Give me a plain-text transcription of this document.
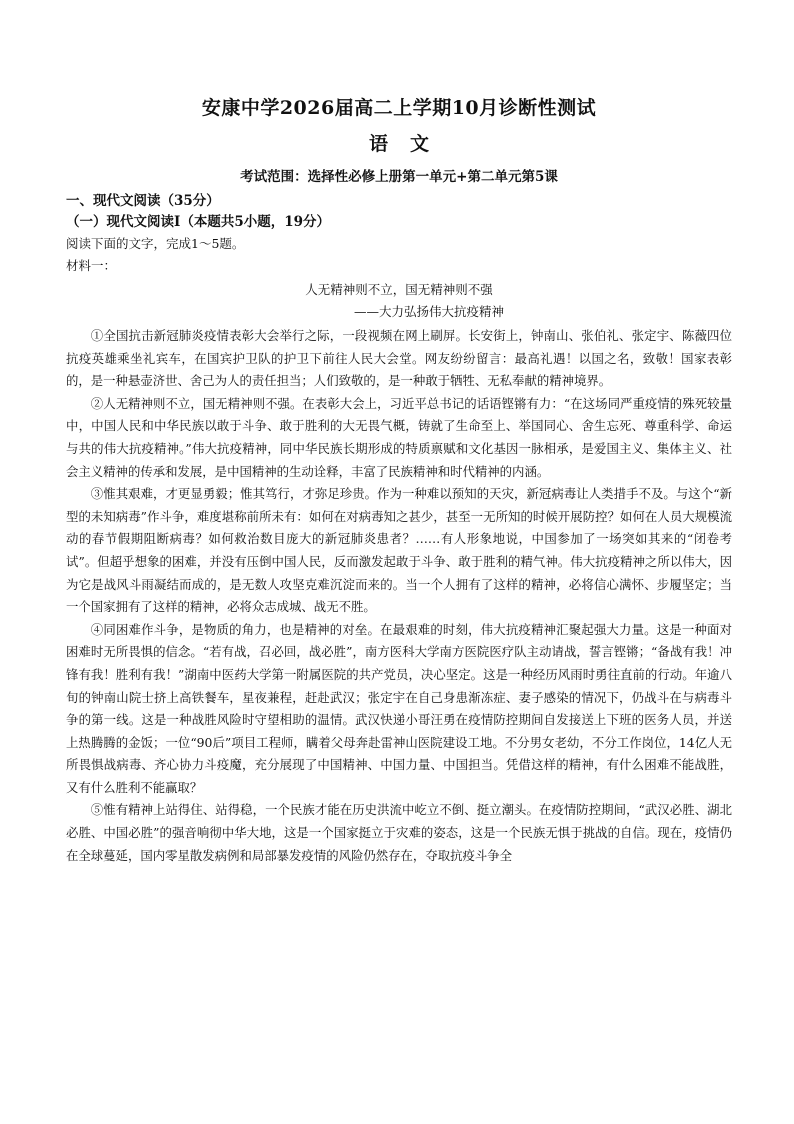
安康中学2026届高二上学期10月诊断性测试
语文
考试范围：选择性必修上册第一单元+第二单元第5课
一、现代文阅读（35分）
（一）现代文阅读Ⅰ（本题共5小题，19分）
阅读下面的文字，完成1～5题。
材料一：
人无精神则不立，国无精神则不强
——大力弘扬伟大抗疫精神

①全国抗击新冠肺炎疫情表彰大会举行之际，一段视频在网上刷屏。长安街上，钟南山、张伯礼、张定宇、陈薇四位抗疫英雄乘坐礼宾车，在国宾护卫队的护卫下前往人民大会堂。网友纷纷留言：最高礼遇！以国之名，致敬！国家表彰的，是一种悬壶济世、舍己为人的责任担当；人们致敬的，是一种敢于牺牲、无私奉献的精神境界。

②人无精神则不立，国无精神则不强。在表彰大会上，习近平总书记的话语铿锵有力：“在这场同严重疫情的殊死较量中，中国人民和中华民族以敢于斗争、敢于胜利的大无畏气概，铸就了生命至上、举国同心、舍生忘死、尊重科学、命运与共的伟大抗疫精神。”伟大抗疫精神，同中华民族长期形成的特质禀赋和文化基因一脉相承，是爱国主义、集体主义、社会主义精神的传承和发展，是中国精神的生动诠释，丰富了民族精神和时代精神的内涵。

③惟其艰难，才更显勇毅；惟其笃行，才弥足珍贵。作为一种难以预知的天灾，新冠病毒让人类措手不及。与这个“新型的未知病毒”作斗争，难度堪称前所未有：如何在对病毒知之甚少，甚至一无所知的时候开展防控？如何在人员大规模流动的春节假期阻断病毒？如何救治数目庞大的新冠肺炎患者？……有人形象地说，中国参加了一场突如其来的“闭卷考试”。但超乎想象的困难，并没有压倒中国人民，反而激发起敢于斗争、敢于胜利的精气神。伟大抗疫精神之所以伟大，因为它是战风斗雨凝结而成的，是无数人攻坚克难沉淀而来的。当一个人拥有了这样的精神，必将信心满怀、步履坚定；当一个国家拥有了这样的精神，必将众志成城、战无不胜。

④同困难作斗争，是物质的角力，也是精神的对垒。在最艰难的时刻，伟大抗疫精神汇聚起强大力量。这是一种面对困难时无所畏惧的信念。“若有战，召必回，战必胜”，南方医科大学南方医院医疗队主动请战，誓言铿锵；“备战有我！冲锋有我！胜利有我！”湖南中医药大学第一附属医院的共产党员，决心坚定。这是一种经历风雨时勇往直前的行动。年逾八旬的钟南山院士挤上高铁餐车，星夜兼程，赶赴武汉；张定宇在自己身患渐冻症、妻子感染的情况下，仍战斗在与病毒斗争的第一线。这是一种战胜风险时守望相助的温情。武汉快递小哥汪勇在疫情防控期间自发接送上下班的医务人员，并送上热腾腾的金饭；一位“90后”项目工程师，瞒着父母奔赴雷神山医院建设工地。不分男女老幼，不分工作岗位，14亿人无所畏惧战病毒、齐心协力斗疫魔，充分展现了中国精神、中国力量、中国担当。凭借这样的精神，有什么困难不能战胜，又有什么胜利不能赢取？

⑤惟有精神上站得住、站得稳，一个民族才能在历史洪流中屹立不倒、挺立潮头。在疫情防控期间，“武汉必胜、湖北必胜、中国必胜”的强音响彻中华大地，这是一个国家挺立于灾难的姿态，这是一个民族无惧于挑战的自信。现在，疫情仍在全球蔓延，国内零星散发病例和局部暴发疫情的风险仍然存在，夺取抗疫斗争全
